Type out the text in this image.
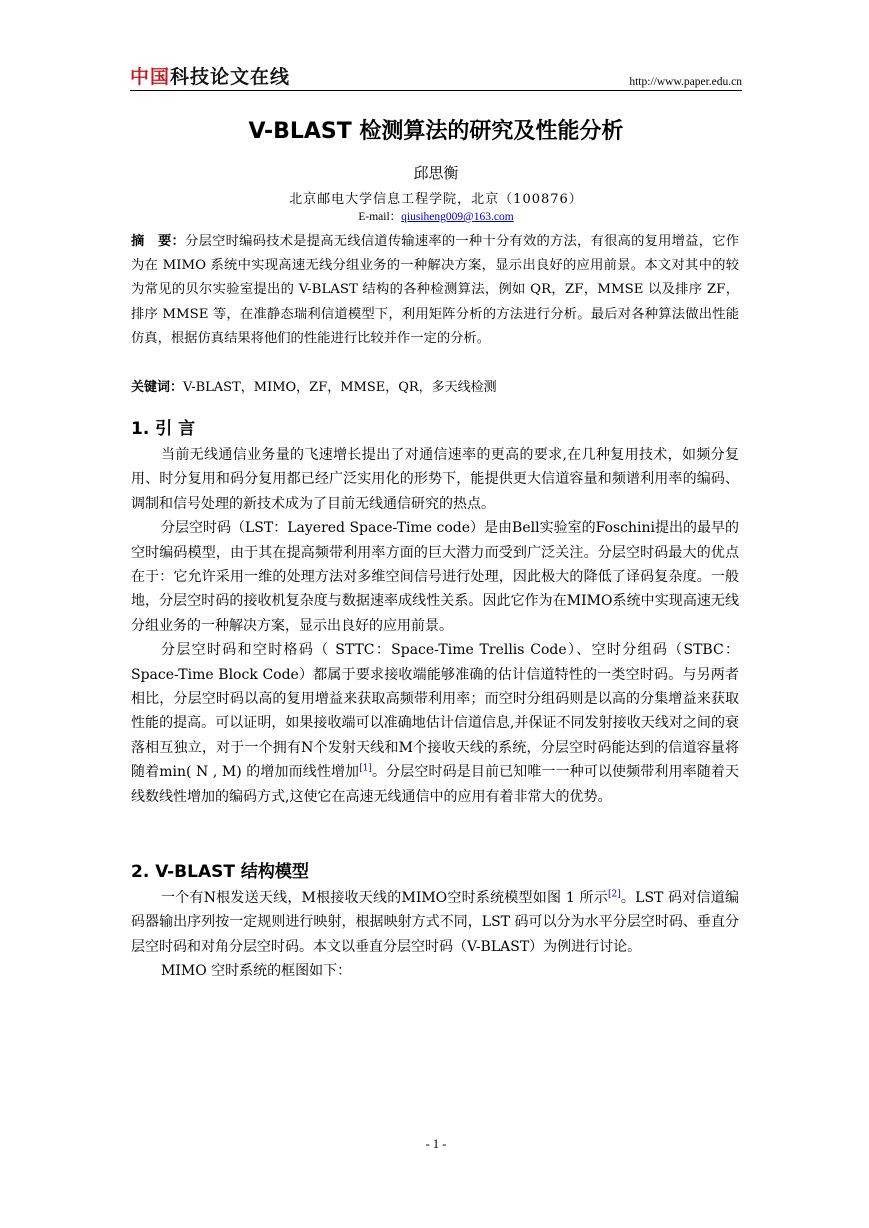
中国科技论文在线	http://www.paper.edu.cn
V-BLAST 检测算法的研究及性能分析
邱思衡
北京邮电大学信息工程学院，北京（100876）
E-mail：qiusiheng009@163.com
摘　要：分层空时编码技术是提高无线信道传输速率的一种十分有效的方法，有很高的复用增益，它作为在 MIMO 系统中实现高速无线分组业务的一种解决方案，显示出良好的应用前景。本文对其中的较为常见的贝尔实验室提出的 V-BLAST 结构的各种检测算法，例如 QR，ZF，MMSE 以及排序 ZF，排序 MMSE 等，在准静态瑞利信道模型下，利用矩阵分析的方法进行分析。最后对各种算法做出性能仿真，根据仿真结果将他们的性能进行比较并作一定的分析。
关键词：V-BLAST，MIMO，ZF，MMSE，QR，多天线检测
1. 引 言

当前无线通信业务量的飞速增长提出了对通信速率的更高的要求,在几种复用技术，如频分复用、时分复用和码分复用都已经广泛实用化的形势下，能提供更大信道容量和频谱利用率的编码、调制和信号处理的新技术成为了目前无线通信研究的热点。

分层空时码（LST：Layered Space-Time code）是由Bell实验室的Foschini提出的最早的空时编码模型，由于其在提高频带利用率方面的巨大潜力而受到广泛关注。分层空时码最大的优点在于：它允许采用一维的处理方法对多维空间信号进行处理，因此极大的降低了译码复杂度。一般地，分层空时码的接收机复杂度与数据速率成线性关系。因此它作为在MIMO系统中实现高速无线分组业务的一种解决方案，显示出良好的应用前景。

分层空时码和空时格码（ STTC：Space-Time Trellis Code）、空时分组码（STBC：Space-Time Block Code）都属于要求接收端能够准确的估计信道特性的一类空时码。与另两者相比，分层空时码以高的复用增益来获取高频带利用率；而空时分组码则是以高的分集增益来获取性能的提高。可以证明，如果接收端可以准确地估计信道信息,并保证不同发射接收天线对之间的衰落相互独立，对于一个拥有N个发射天线和M个接收天线的系统，分层空时码能达到的信道容量将随着min( N , M) 的增加而线性增加[1]。分层空时码是目前已知唯一一种可以使频带利用率随着天线数线性增加的编码方式,这使它在高速无线通信中的应用有着非常大的优势。

2. V-BLAST 结构模型

一个有N根发送天线，M根接收天线的MIMO空时系统模型如图 1 所示[2]。LST 码对信道编码器输出序列按一定规则进行映射，根据映射方式不同，LST 码可以分为水平分层空时码、垂直分层空时码和对角分层空时码。本文以垂直分层空时码（V-BLAST）为例进行讨论。

MIMO 空时系统的框图如下：

- 1 -
